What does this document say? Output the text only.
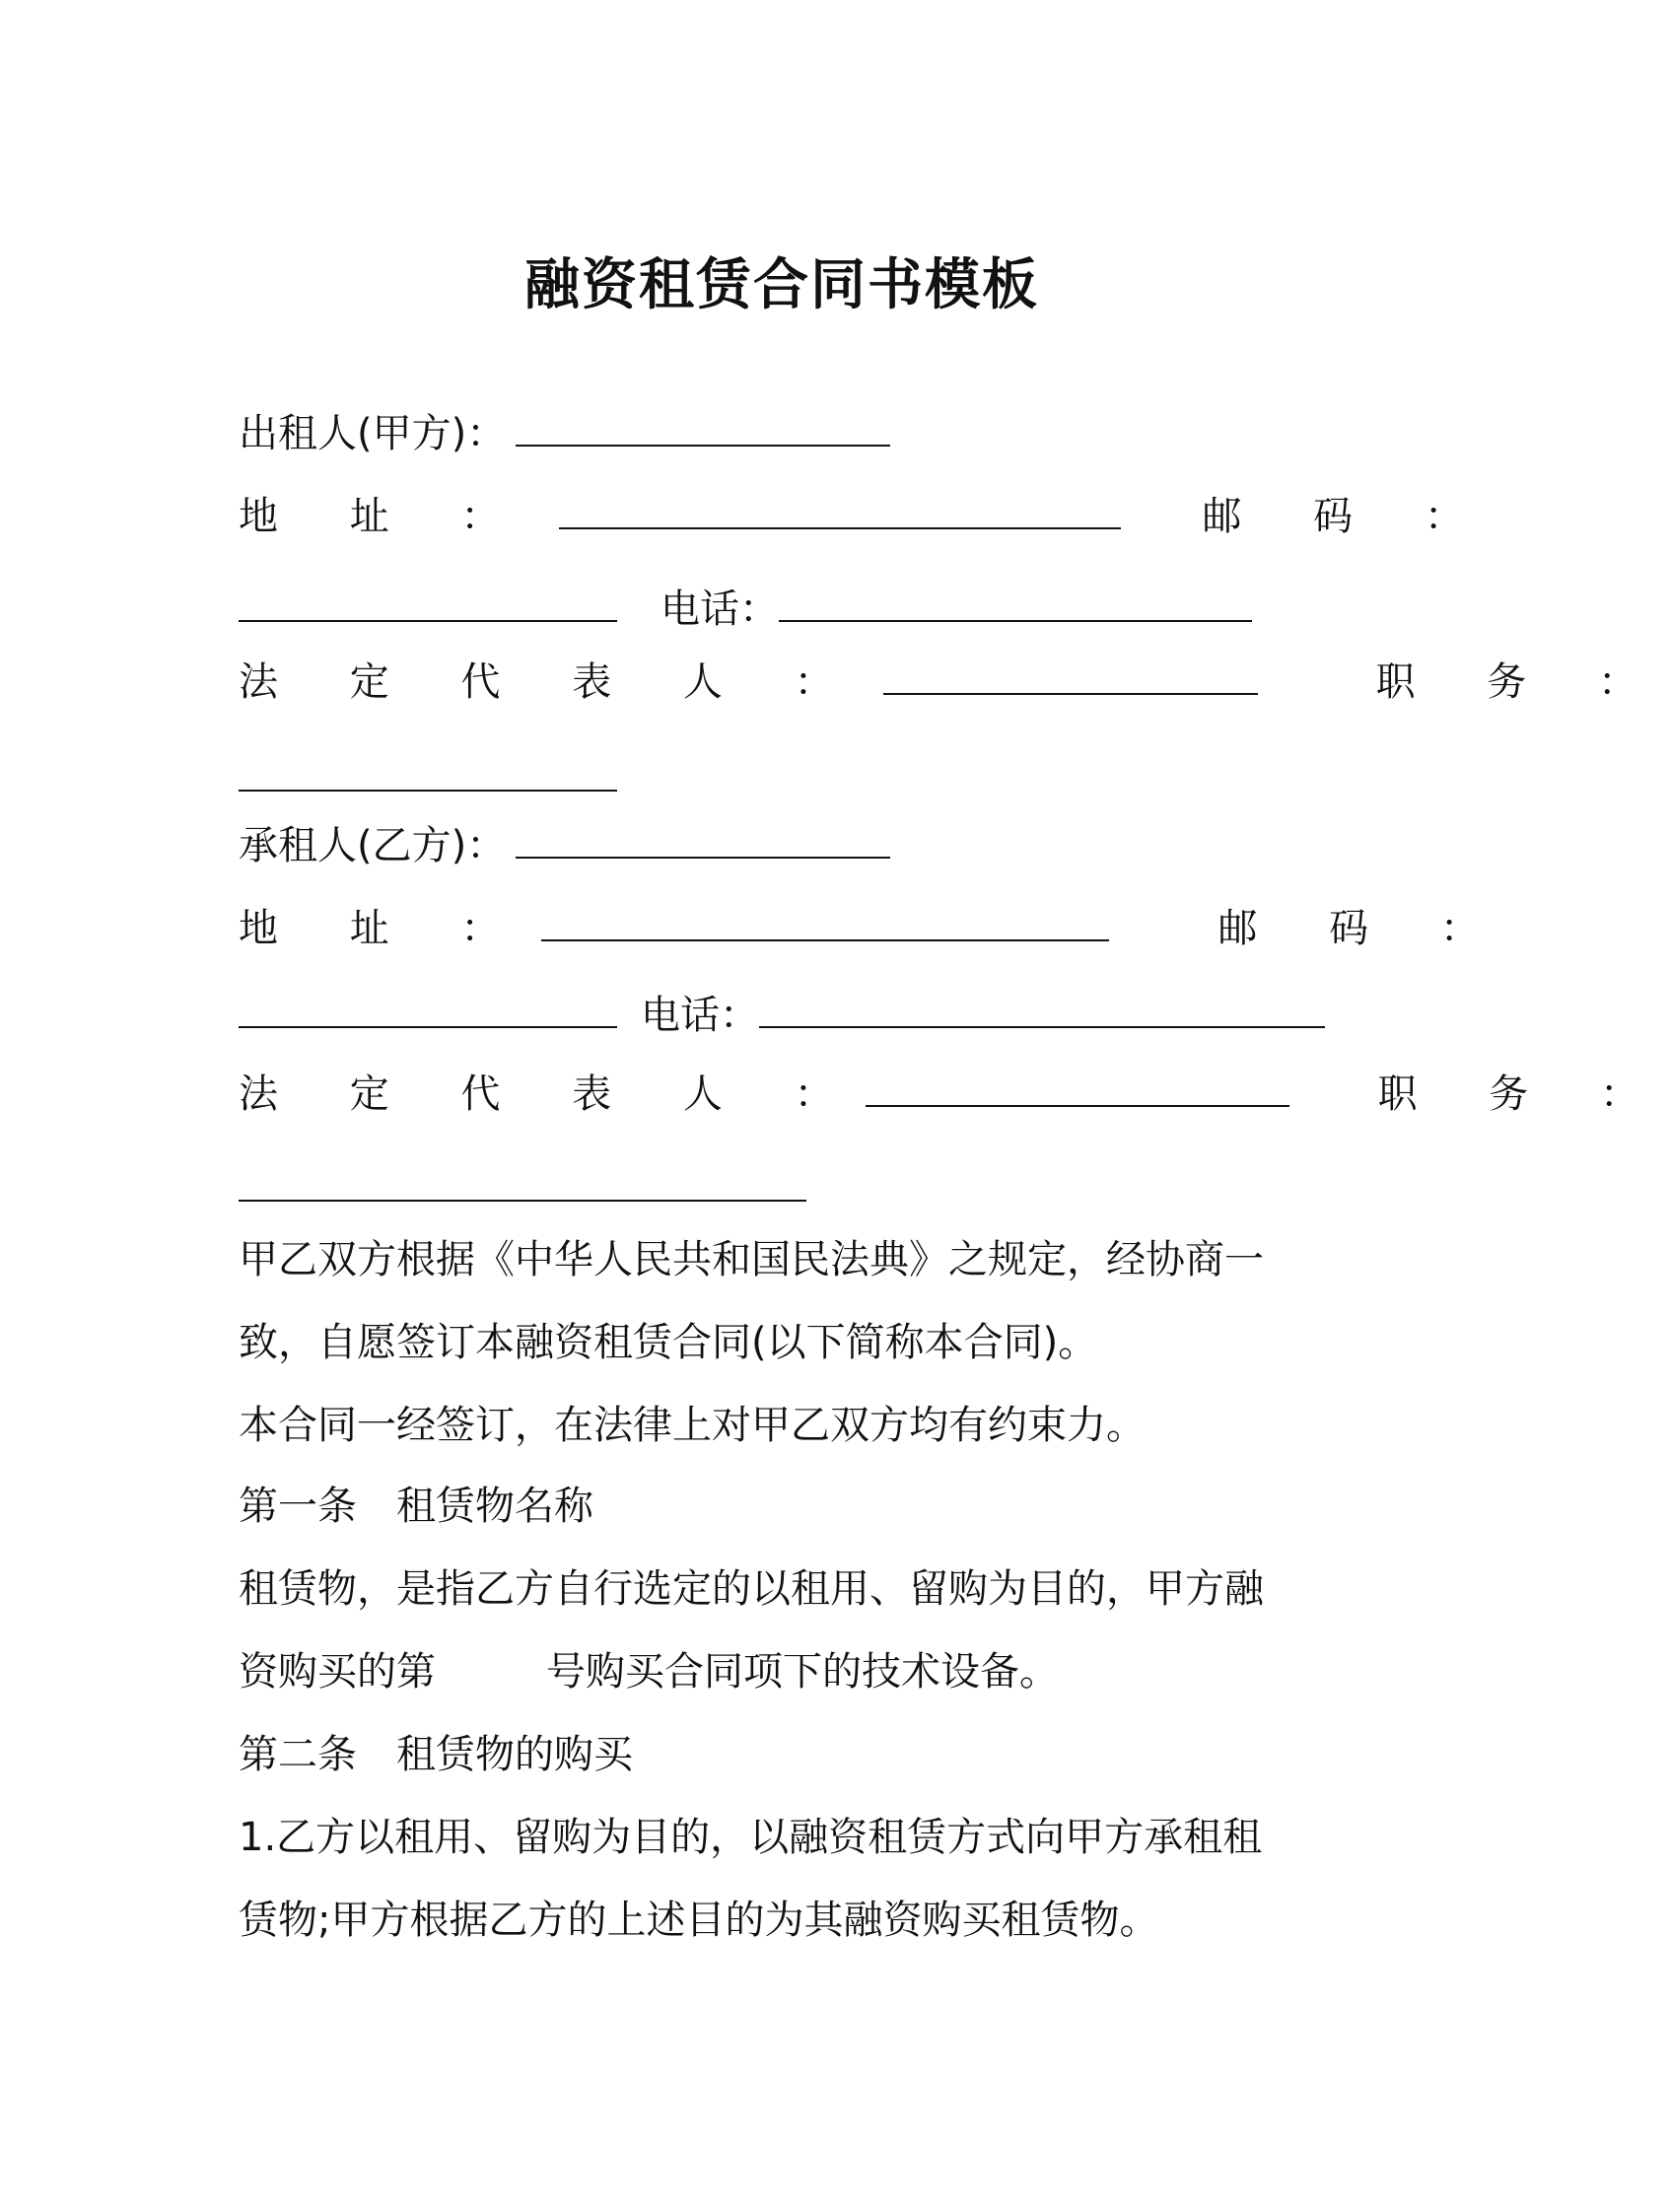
融资租赁合同书模板
出租人(甲方)：
地 址 ：	邮 码 ：
电话：
法 定 代 表 人 ：	职 务 ：
承租人(乙方)：
地 址 ：	邮 码 ：
电话：
法 定 代 表 人 ：	职 务 ：
甲乙双方根据《中华人民共和国民法典》之规定，经协商一
致，自愿签订本融资租赁合同(以下简称本合同)。
本合同一经签订，在法律上对甲乙双方均有约束力。
第一条　租赁物名称
租赁物，是指乙方自行选定的以租用、留购为目的，甲方融
资购买的第	号购买合同项下的技术设备。
第二条　租赁物的购买
1.乙方以租用、留购为目的，以融资租赁方式向甲方承租租
赁物;甲方根据乙方的上述目的为其融资购买租赁物。
